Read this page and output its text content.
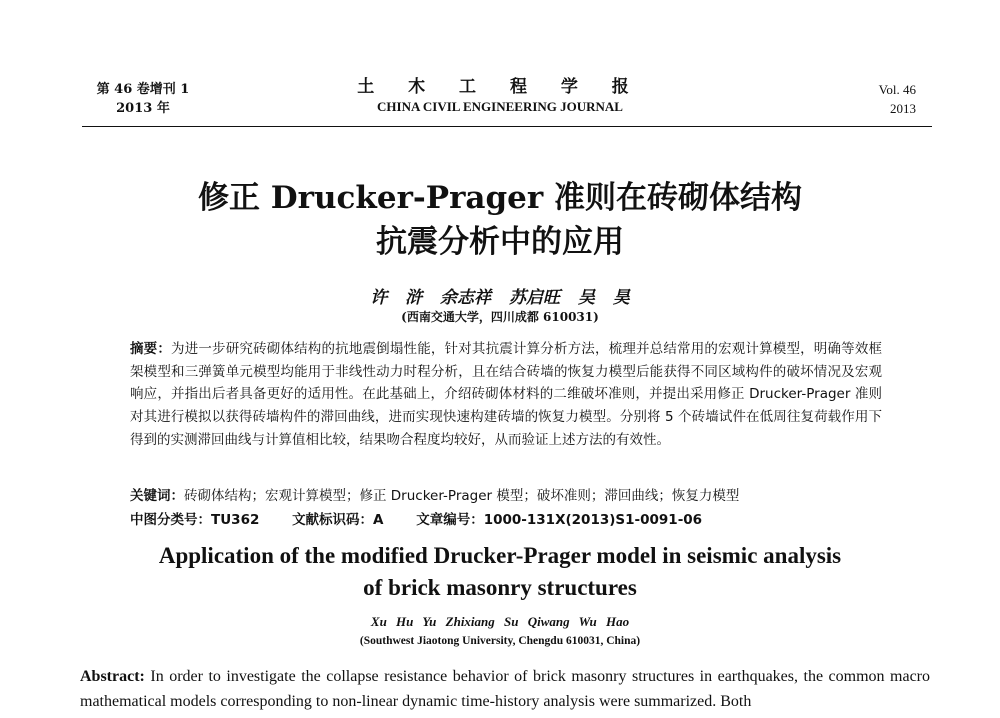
第 46 卷增刊 1
2013 年
土 木 工 程 学 报
CHINA CIVIL ENGINEERING JOURNAL
Vol. 46
2013
修正 Drucker-Prager 准则在砖砌体结构
抗震分析中的应用
许 浒 余志祥 苏启旺 吴 昊
(西南交通大学，四川成都 610031)
摘要：为进一步研究砖砌体结构的抗地震倒塌性能，针对其抗震计算分析方法，梳理并总结常用的宏观计算模型，明确等效框架模型和三弹簧单元模型均能用于非线性动力时程分析，且在结合砖墙的恢复力模型后能获得不同区域构件的破坏情况及宏观响应，并指出后者具备更好的适用性。在此基础上，介绍砖砌体材料的二维破坏准则，并提出采用修正 Drucker-Prager 准则对其进行模拟以获得砖墙构件的滞回曲线，进而实现快速构建砖墙的恢复力模型。分别将 5 个砖墙试件在低周往复荷载作用下得到的实测滞回曲线与计算值相比较，结果吻合程度均较好，从而验证上述方法的有效性。
关键词：砖砌体结构；宏观计算模型；修正 Drucker-Prager 模型；破坏准则；滞回曲线；恢复力模型
中图分类号：TU362 文献标识码：A 文章编号：1000-131X(2013)S1-0091-06
Application of the modified Drucker-Prager model in seismic analysis
of brick masonry structures
Xu Hu Yu Zhixiang Su Qiwang Wu Hao
(Southwest Jiaotong University, Chengdu 610031, China)
Abstract: In order to investigate the collapse resistance behavior of brick masonry structures in earthquakes, the common macro mathematical models corresponding to non-linear dynamic time-history analysis were summarized. Both
